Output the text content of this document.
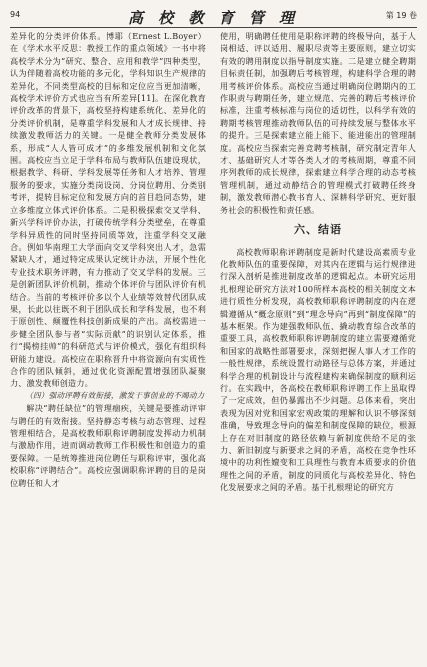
94	高 校 教 育 管 理	第 19 卷

差异化的分类评价体系。博耶（Ernest L.Boyer）在《学术水平反思：教授工作的重点领域》一书中将高校学术分为“研究、整合、应用和教学”四种类型，认为伴随着高校功能的多元化，学科知识生产规律的差异化，不同类型高校的目标和定位应当更加清晰，高校学术评价方式也应当有所差异[11]。在深化教育评价改革的背景下，高校坚持构建系统化、差异化的分类评价机制，是尊重学科发展和人才成长规律、持续激发教师活力的关键。一是健全教师分类发展体系，形成“人人皆可成才”的多维发展机制和文化氛围。高校应当立足于学科布局与教师队伍建设现状，根据教学、科研、学科发展等任务和人才培养、管理服务的要求，实施分类岗设岗、分岗位聘用、分类别考评，提转目标定位和发展方向的首目趋同态势，建立多维度立体式评价体系。二是积极探索交叉学科、新兴学科评价办法，打破传统学科分类壁垒，在尊重学科异质性的同时坚持同质等效，注重学科交叉融合。例如华南理工大学面向交叉学科突出人才，急需紧缺人才，通过特定成果认定统计办法，开展个性化专业技术职务评聘，有力推动了交叉学科的发展。三是创新团队评价机制，推动个体评价与团队评价有机结合。当前的考核评价多以个人业绩等效替代团队成果，长此以往既不利于团队成长和学科发展，也不利于原创性、颠覆性科技创新成果的产出。高校需进一步健全团队参与者“实际贡献”的识别认定体系，推行“揭榜挂帅”的科研范式与评价模式，强化有组织科研能力建设。高校应在职称晋升中将资源向有实质性合作的团队倾斜，通过优化资源配置增强团队凝聚力、激发教师创造力。

（四）强动评聘有效衔接，激发干事创业的不竭动力

解决“聘任缺位”的管理痼疾，关键是要推动评审与聘任的有效衔接。坚持静态考核与动态管理、过程管理相结合，是高校教师职称评聘制度发挥动力机制与激励作用，进而调动教师工作积极性和创造力的重要保障。一是统筹推进岗位聘任与职称评审，强化高校职称“评聘结合”。高校应强调职称评聘的目的是岗位聘任和人才

使用，明确聘任使用是职称评聘的终极导向，基于人岗相适、评以适用、履职尽责等主要原则，建立切实有效的聘用制度以指导制度实施。二是建立健全聘期目标责任制，加强聘后考核管理，构建科学合理的聘用考核评价体系。高校应当通过明确岗位聘期内的工作职责与聘期任务，建立规范、完善的聘后考核评价标准，注重考核标准与岗位的适切性，以科学有效的聘期考核管理推动教师队伍的可持续发展与整体水平的提升。三是探索建立能上能下、能进能出的管理制度。高校应当探索完善竞聘考核制，研究制定青年人才、基础研究人才等各类人才的考核周期，尊重不同序列教师的成长规律，探索建立科学合理的动态考核管理机制，通过动静结合的管理模式打破聘任终身制，激发教师潜心教书育人、深耕科学研究、更好服务社会的积极性和责任感。

六、结语

高校教师职称评聘制度是新时代建设高素质专业化教师队伍的重要保障，对其内在逻辑与运行规律进行深入剖析是推进制度改革的逻辑起点。本研究运用扎根理论研究方法对100所样本高校的相关制度文本进行质性分析发现，高校教师职称评聘制度的内在逻辑遵循从“概念原则”到“理念导向”再到“制度保障”的基本框架。作为建强教师队伍、撬动教育综合改革的重要工具，高校教师职称评聘制度的建立需要遵循党和国家的战略性部署要求，深刻把握人事人才工作的一般性规律，系统设置行动路径与总体方案，并通过科学合理的机制设计与流程建构来确保制度的顺利运行。在实践中，各高校在教师职称评聘工作上虽取得了一定成效，但仍暴露出不少问题。总体来看，突出表现为因对党和国家宏观政策的理解和认识不够深刻准确，导致理念导向的偏差和制度保障的缺位，根源上存在对旧制度的路径依赖与新制度供给不足的张力、新旧制度与新要求之间的矛盾，高校在竞争性环境中的功利性嬗变和工具理性与教育本质要求的价值理性之间的矛盾，制度的同质化与高校差异化、特色化发展要求之间的矛盾。基于扎根理论的研究方
